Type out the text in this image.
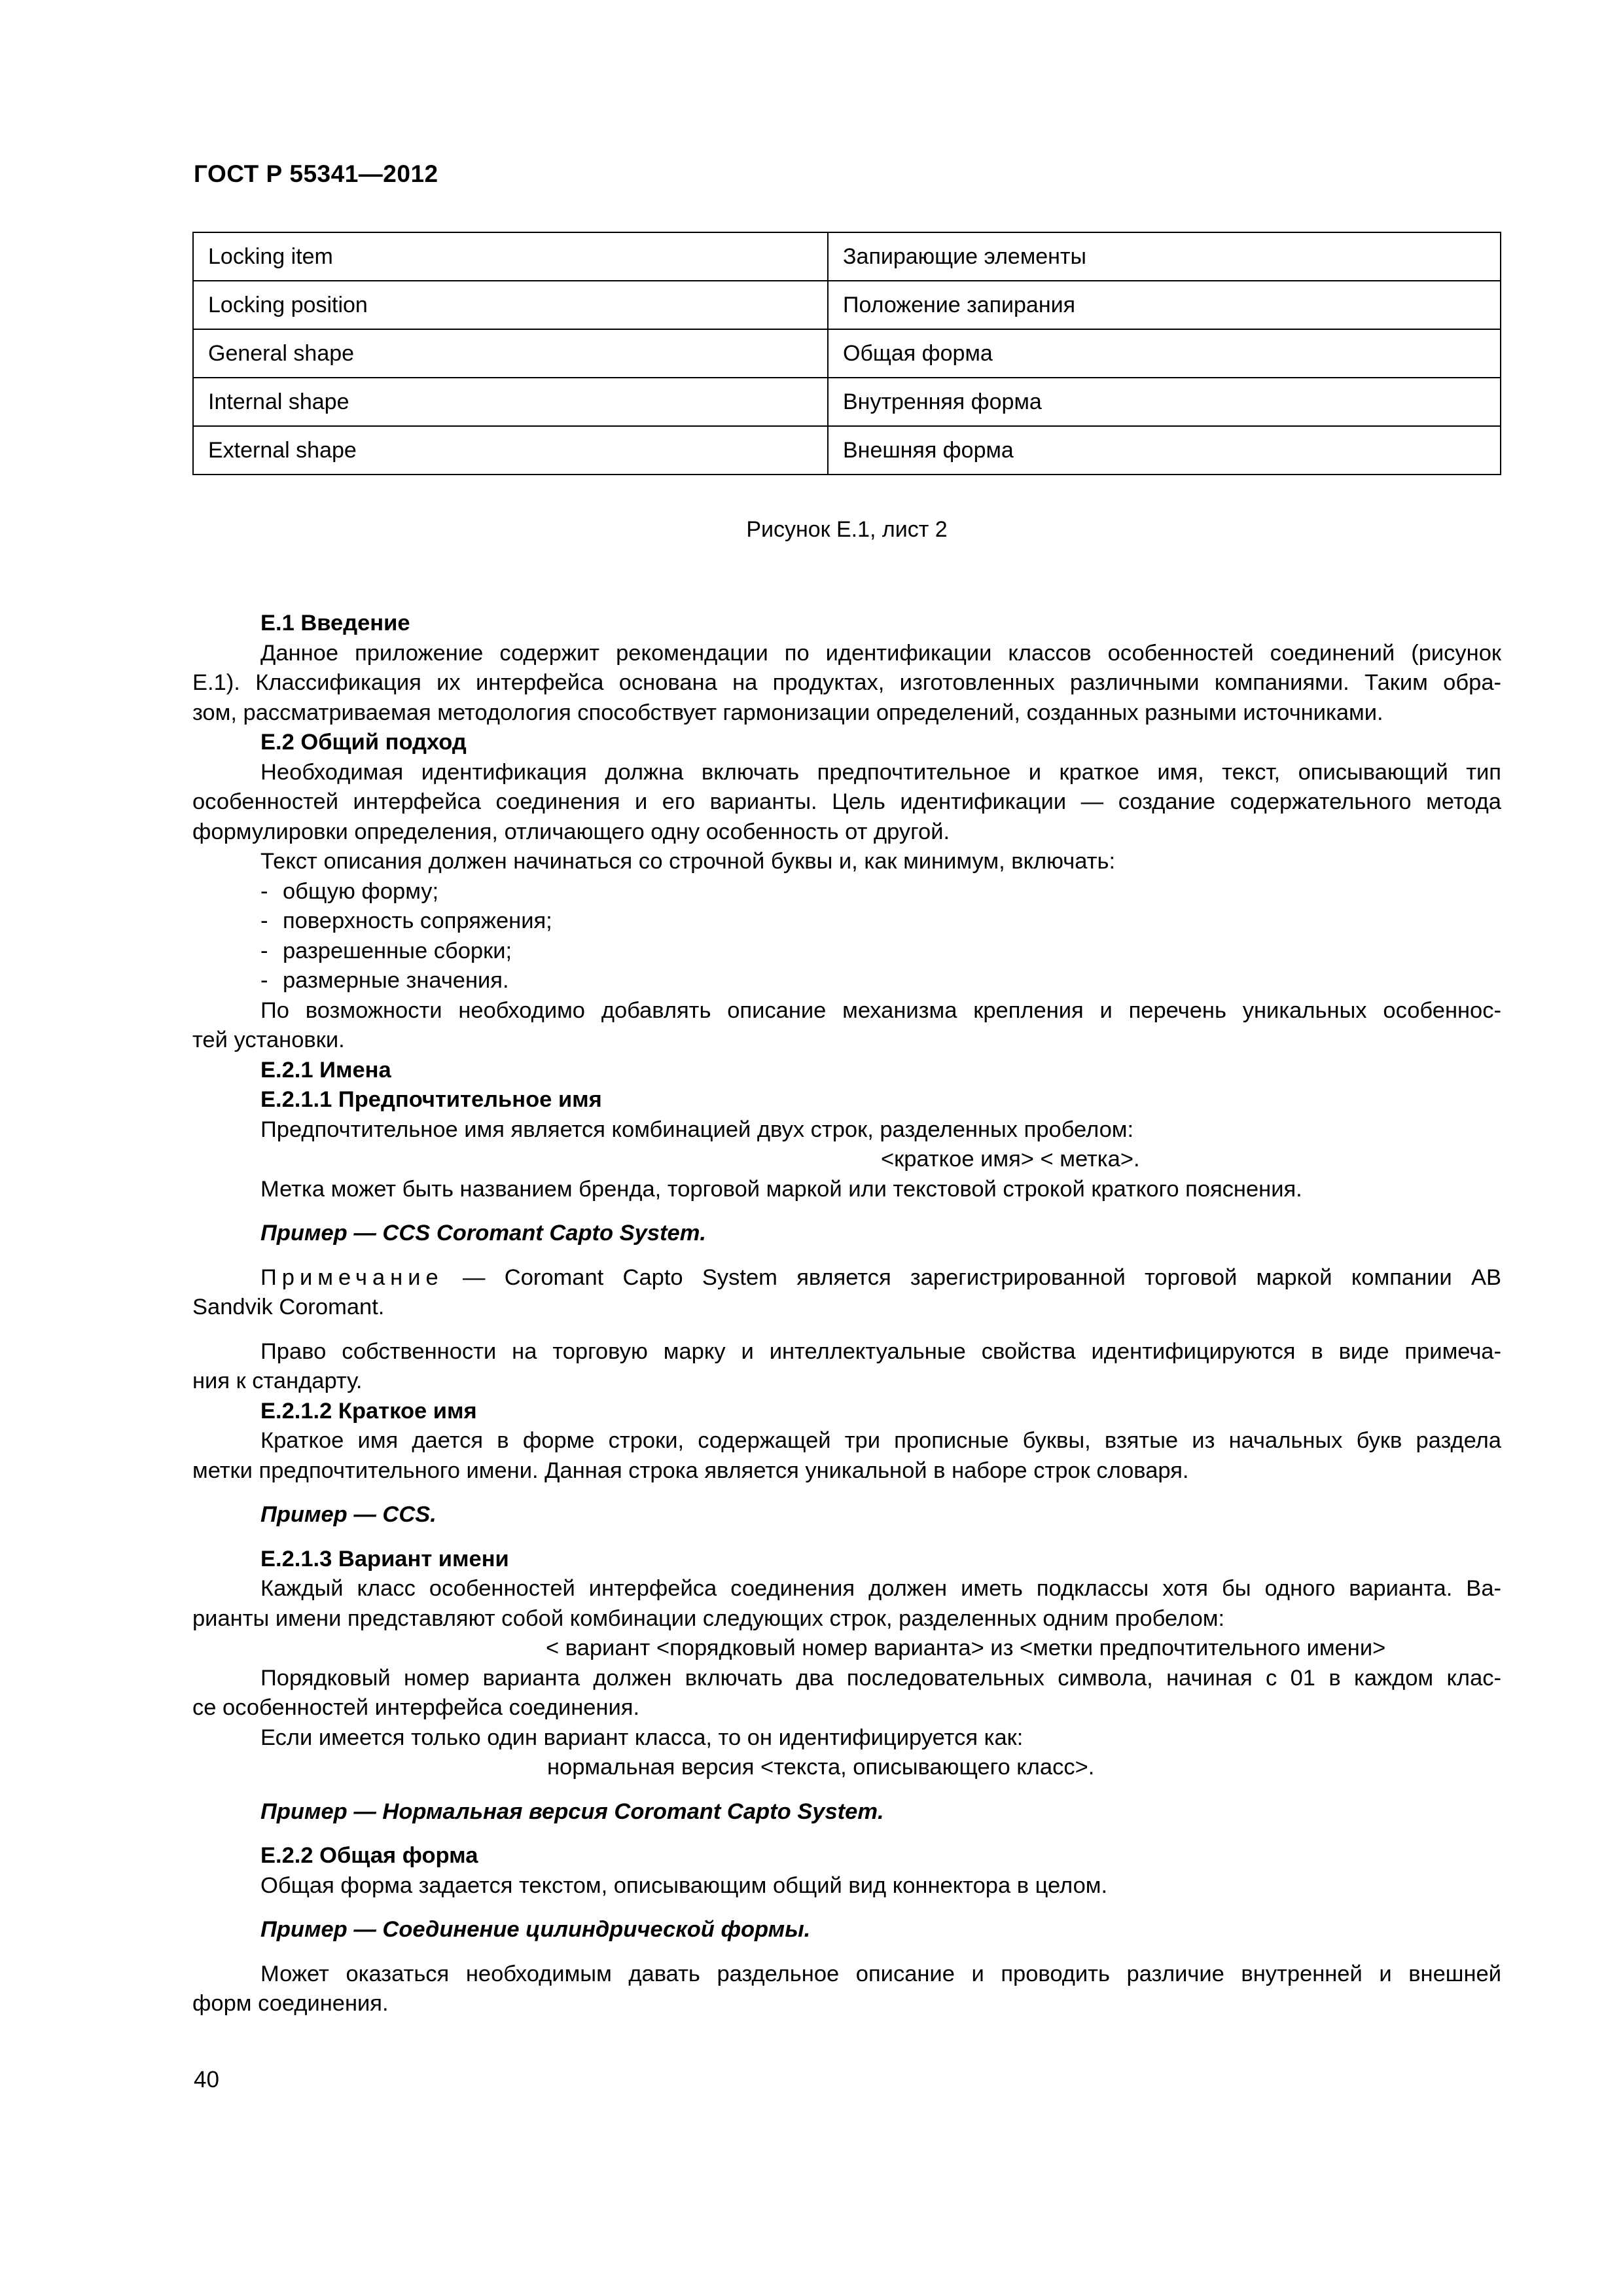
ГОСТ Р 55341—2012
Locking item	Запирающие элементы
Locking position	Положение запирания
General shape	Общая форма
Internal shape	Внутренняя форма
External shape	Внешняя форма
Рисунок Е.1, лист 2

Е.1 Введение

Данное приложение содержит рекомендации по идентификации классов особенностей соединений (рисунок

Е.1). Классификация их интерфейса основана на продуктах, изготовленных различными компаниями. Таким обра-

зом, рассматриваемая методология способствует гармонизации определений, созданных разными источниками.

Е.2 Общий подход

Необходимая идентификация должна включать предпочтительное и краткое имя, текст, описывающий тип

особенностей интерфейса соединения и его варианты. Цель идентификации — создание содержательного метода

формулировки определения, отличающего одну особенность от другой.

Текст описания должен начинаться со строчной буквы и, как минимум, включать:

- общую форму;

- поверхность сопряжения;

- разрешенные сборки;

- размерные значения.

По возможности необходимо добавлять описание механизма крепления и перечень уникальных особеннос-

тей установки.

Е.2.1 Имена

Е.2.1.1 Предпочтительное имя

Предпочтительное имя является комбинацией двух строк, разделенных пробелом:

<краткое имя> < метка>.

Метка может быть названием бренда, торговой маркой или текстовой строкой краткого пояснения.

Пример — CCS Coromant Capto System.

Примечание — Coromant Capto System является зарегистрированной торговой маркой компании АВ

Sandvik Coromant.

Право собственности на торговую марку и интеллектуальные свойства идентифицируются в виде примеча-

ния к стандарту.

Е.2.1.2 Краткое имя

Краткое имя дается в форме строки, содержащей три прописные буквы, взятые из начальных букв раздела

метки предпочтительного имени. Данная строка является уникальной в наборе строк словаря.

Пример — CCS.

Е.2.1.3 Вариант имени

Каждый класс особенностей интерфейса соединения должен иметь подклассы хотя бы одного варианта. Ва-

рианты имени представляют собой комбинации следующих строк, разделенных одним пробелом:

< вариант <порядковый номер варианта> из <метки предпочтительного имени>

Порядковый номер варианта должен включать два последовательных символа, начиная с 01 в каждом клас-

се особенностей интерфейса соединения.

Если имеется только один вариант класса, то он идентифицируется как:

нормальная версия <текста, описывающего класс>.

Пример — Нормальная версия Coromant Capto System.

Е.2.2 Общая форма

Общая форма задается текстом, описывающим общий вид коннектора в целом.

Пример — Соединение цилиндрической формы.

Может оказаться необходимым давать раздельное описание и проводить различие внутренней и внешней

форм соединения.

40
